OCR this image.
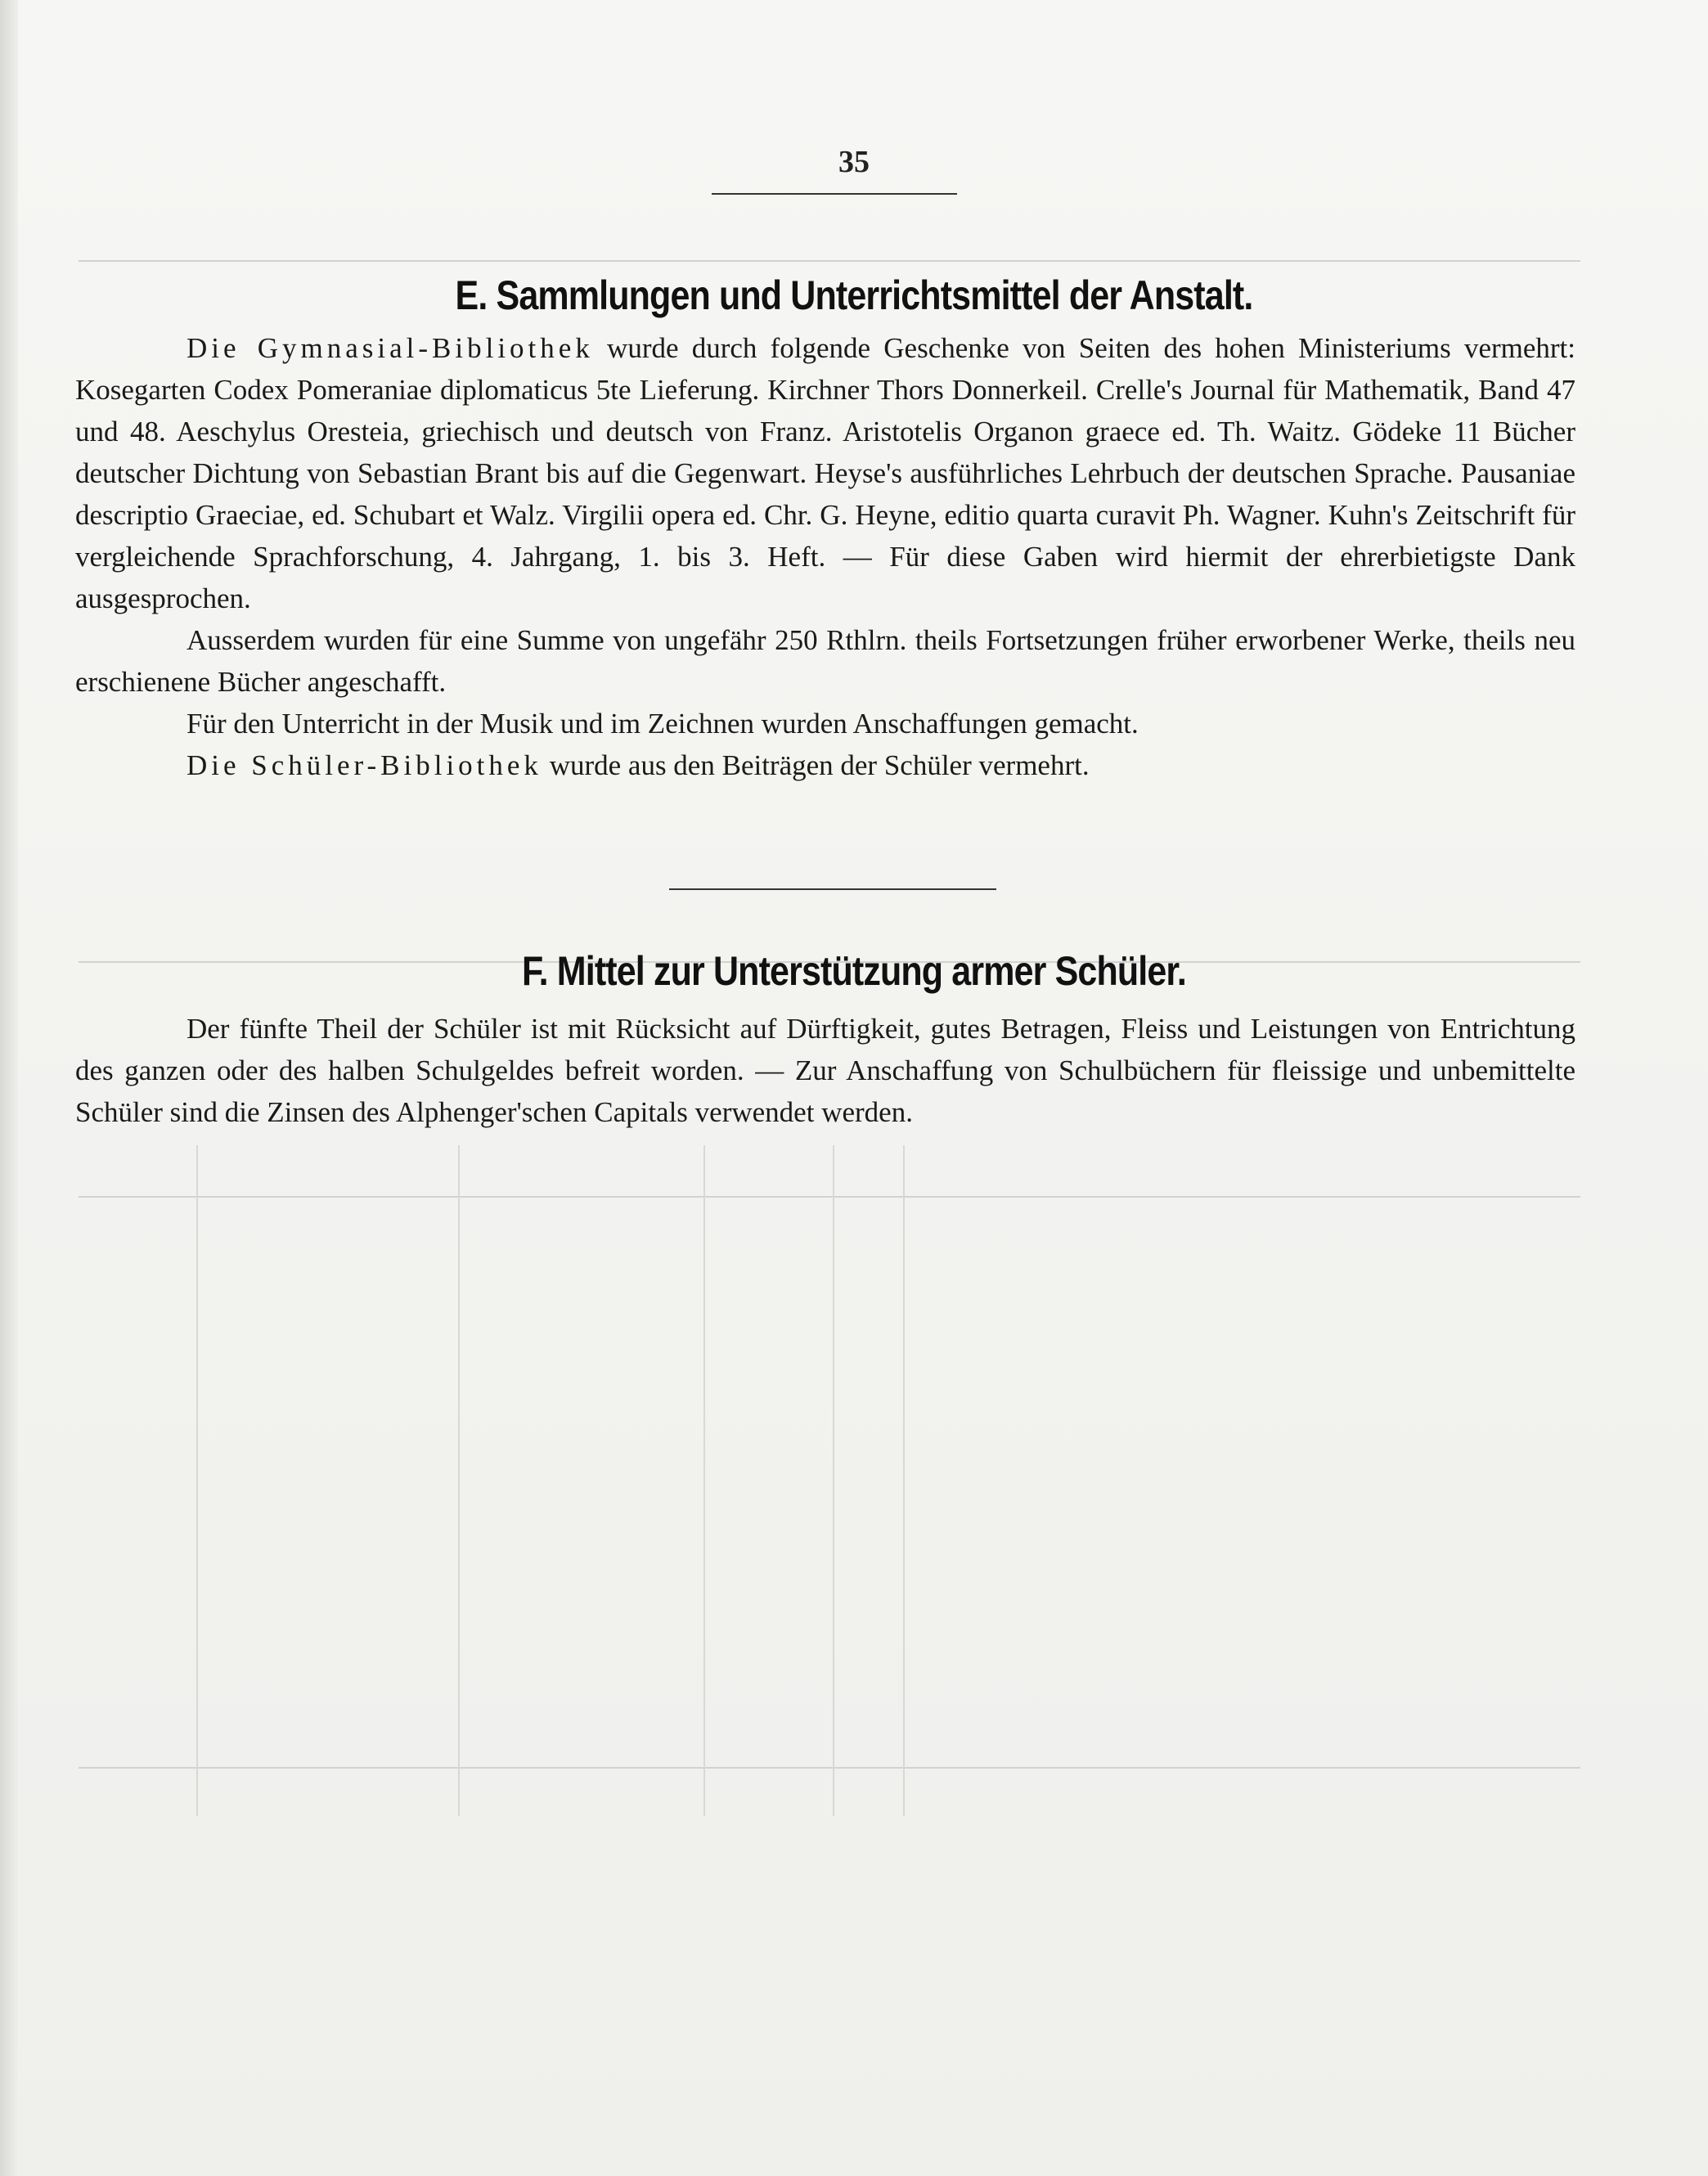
35
E. Sammlungen und Unterrichtsmittel der Anstalt.

Die Gymnasial-Bibliothek wurde durch folgende Geschenke von Seiten des hohen Ministeriums vermehrt: Kosegarten Codex Pomeraniae diplomaticus 5te Lieferung. Kirchner Thors Donnerkeil. Crelle's Journal für Mathematik, Band 47 und 48. Aeschylus Oresteia, griechisch und deutsch von Franz. Aristotelis Organon graece ed. Th. Waitz. Gödeke 11 Bücher deutscher Dichtung von Sebastian Brant bis auf die Gegenwart. Heyse's ausführliches Lehrbuch der deutschen Sprache. Pausaniae descriptio Graeciae, ed. Schubart et Walz. Virgilii opera ed. Chr. G. Heyne, editio quarta curavit Ph. Wagner. Kuhn's Zeitschrift für vergleichende Sprachforschung, 4. Jahrgang, 1. bis 3. Heft. — Für diese Gaben wird hiermit der ehrerbietigste Dank ausgesprochen.

Ausserdem wurden für eine Summe von ungefähr 250 Rthlrn. theils Fortsetzungen früher erworbener Werke, theils neu erschienene Bücher angeschafft.

Für den Unterricht in der Musik und im Zeichnen wurden Anschaffungen gemacht.

Die Schüler-Bibliothek wurde aus den Beiträgen der Schüler vermehrt.

F. Mittel zur Unterstützung armer Schüler.

Der fünfte Theil der Schüler ist mit Rücksicht auf Dürftigkeit, gutes Betragen, Fleiss und Leistungen von Entrichtung des ganzen oder des halben Schulgeldes befreit worden. — Zur Anschaffung von Schulbüchern für fleissige und unbemittelte Schüler sind die Zinsen des Alphenger'schen Capitals verwendet werden.
